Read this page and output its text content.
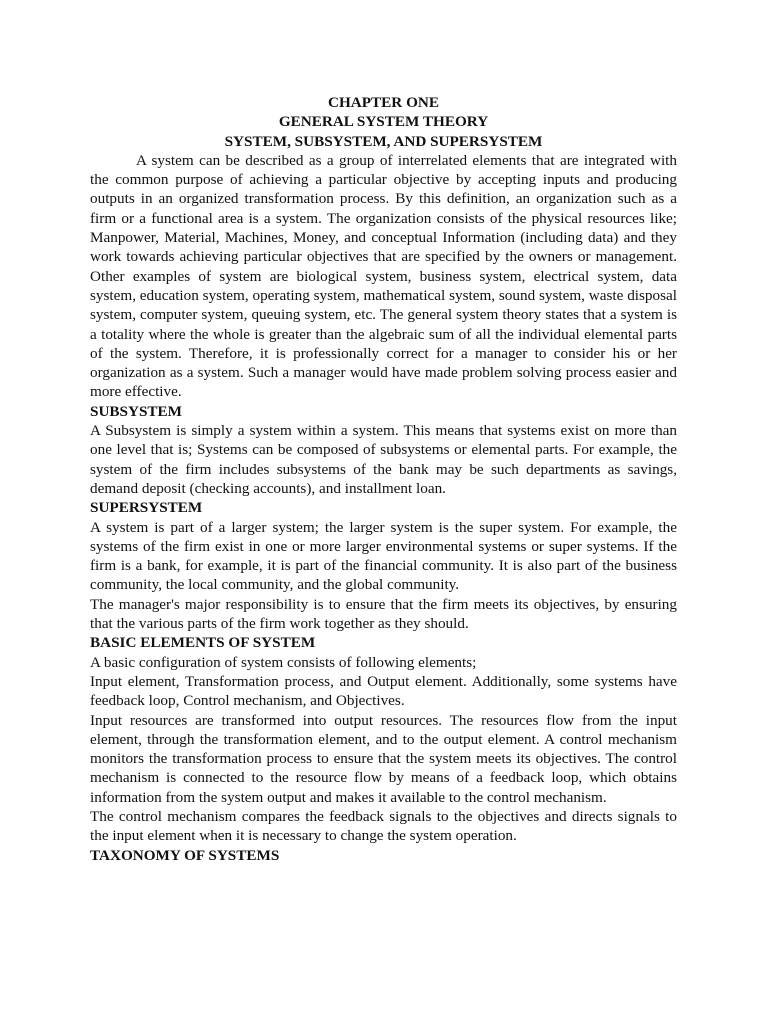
CHAPTER ONE

GENERAL SYSTEM THEORY

SYSTEM, SUBSYSTEM, AND SUPERSYSTEM

A system can be described as a group of interrelated elements that are integrated with the common purpose of achieving a particular objective by accepting inputs and producing outputs in an organized transformation process. By this definition, an organization such as a firm or a functional area is a system. The organization consists of the physical resources like; Manpower, Material, Machines, Money, and conceptual Information (including data) and they work towards achieving particular objectives that are specified by the owners or management. Other examples of system are biological system, business system, electrical system, data system, education system, operating system, mathematical system, sound system, waste disposal system, computer system, queuing system, etc. The general system theory states that a system is a totality where the whole is greater than the algebraic sum of all the individual elemental parts of the system. Therefore, it is professionally correct for a manager to consider his or her organization as a system. Such a manager would have made problem solving process easier and more effective.

SUBSYSTEM

A Subsystem is simply a system within a system. This means that systems exist on more than one level that is; Systems can be composed of subsystems or elemental parts. For example, the system of the firm includes subsystems of the bank may be such departments as savings, demand deposit (checking accounts), and installment loan.

SUPERSYSTEM

A system is part of a larger system; the larger system is the super system. For example, the systems of the firm exist in one or more larger environmental systems or super systems. If the firm is a bank, for example, it is part of the financial community. It is also part of the business community, the local community, and the global community.

The manager's major responsibility is to ensure that the firm meets its objectives, by ensuring that the various parts of the firm work together as they should.

BASIC ELEMENTS OF SYSTEM

A basic configuration of system consists of following elements;

Input element, Transformation process, and Output element. Additionally, some systems have feedback loop, Control mechanism, and Objectives.

Input resources are transformed into output resources. The resources flow from the input element, through the transformation element, and to the output element. A control mechanism monitors the transformation process to ensure that the system meets its objectives. The control mechanism is connected to the resource flow by means of a feedback loop, which obtains information from the system output and makes it available to the control mechanism.

The control mechanism compares the feedback signals to the objectives and directs signals to the input element when it is necessary to change the system operation.

TAXONOMY OF SYSTEMS
